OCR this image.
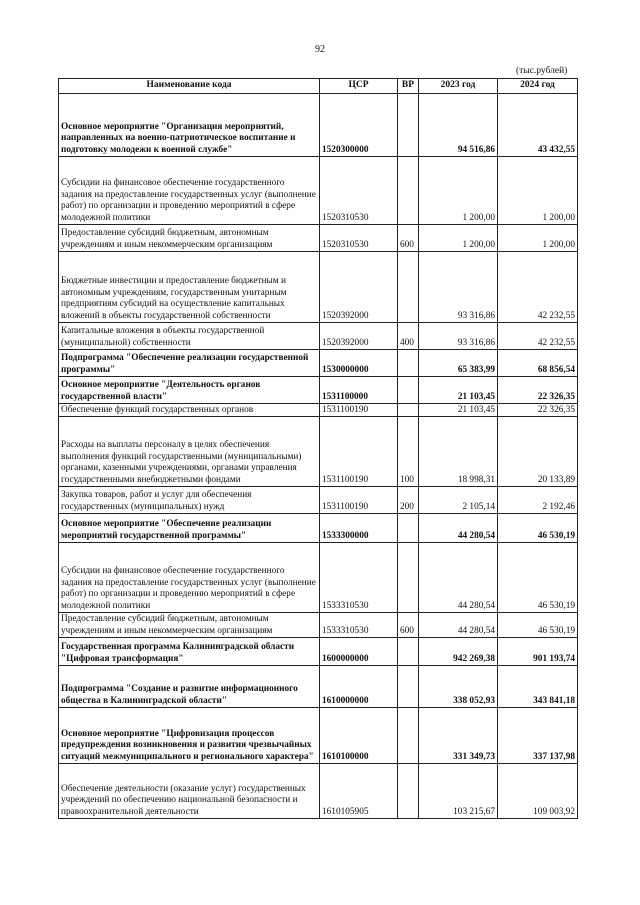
92
(тыс.рублей)
Наименование кода	ЦСР	ВР	2023 год	2024 год
Основное мероприятие "Организация мероприятий, направленных на военно-патриотическое воспитание и подготовку молодежи к военной службе"	1520300000		94 516,86	43 432,55
Субсидии на финансовое обеспечение государственного задания на предоставление государственных услуг (выполнение работ) по организации и проведению мероприятий в сфере молодежной политики	1520310530		1 200,00	1 200,00
Предоставление субсидий бюджетным, автономным учреждениям и иным некоммерческим организациям	1520310530	600	1 200,00	1 200,00
Бюджетные инвестиции и предоставление бюджетным и автономным учреждениям, государственным унитарным предприятиям субсидий на осуществление капитальных вложений в объекты государственной собственности	1520392000		93 316,86	42 232,55
Капитальные вложения в объекты государственной (муниципальной) собственности	1520392000	400	93 316,86	42 232,55
Подпрограмма "Обеспечение реализации государственной программы"	1530000000		65 383,99	68 856,54
Основное мероприятие "Деятельность органов государственной власти"	1531100000		21 103,45	22 326,35
Обеспечение функций государственных органов	1531100190		21 103,45	22 326,35
Расходы на выплаты персоналу в целях обеспечения выполнения функций государственными (муниципальными) органами, казенными учреждениями, органами управления государственными внебюджетными фондами	1531100190	100	18 998,31	20 133,89
Закупка товаров, работ и услуг для обеспечения государственных (муниципальных) нужд	1531100190	200	2 105,14	2 192,46
Основное мероприятие "Обеспечение реализации мероприятий государственной программы"	1533300000		44 280,54	46 530,19
Субсидии на финансовое обеспечение государственного задания на предоставление государственных услуг (выполнение работ) по организации и проведению мероприятий в сфере молодежной политики	1533310530		44 280,54	46 530,19
Предоставление субсидий бюджетным, автономным учреждениям и иным некоммерческим организациям	1533310530	600	44 280,54	46 530,19
Государственная программа Калининградской области "Цифровая трансформация"	1600000000		942 269,38	901 193,74
Подпрограмма "Создание и развитие информационного общества в Калининградской области"	1610000000		338 052,93	343 841,18
Основное мероприятие "Цифровизация процессов предупреждения возникновения и развития чрезвычайных ситуаций межмуниципального и регионального характера"	1610100000		331 349,73	337 137,98
Обеспечение деятельности (оказание услуг) государственных учреждений по обеспечению национальной безопасности и правоохранительной деятельности	1610105905		103 215,67	109 003,92
